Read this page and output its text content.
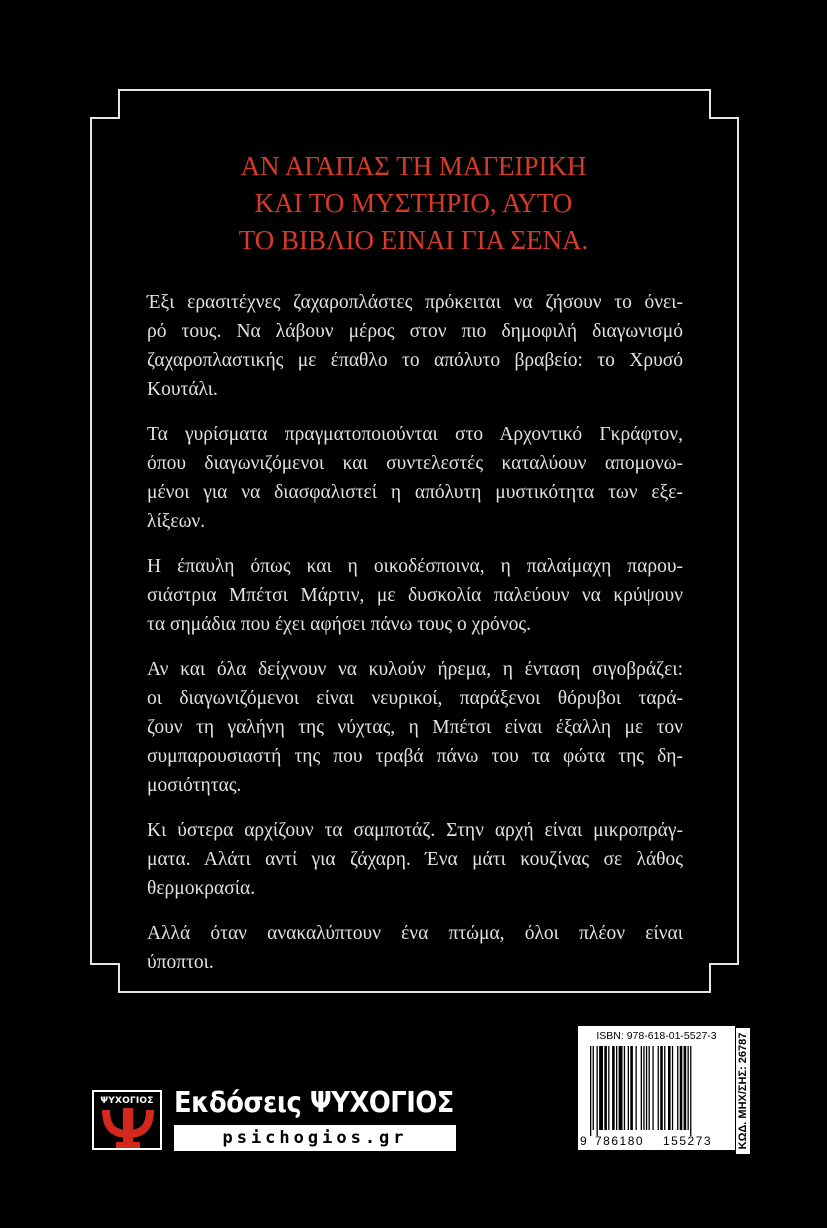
ΑΝ ΑΓΑΠΑΣ ΤΗ ΜΑΓΕΙΡΙΚΗ
ΚΑΙ ΤΟ ΜΥΣΤΗΡΙΟ, ΑΥΤΟ
ΤΟ ΒΙΒΛΙΟ ΕΙΝΑΙ ΓΙΑ ΣΕΝΑ.

Έξι ερασιτέχνες ζαχαροπλάστες πρόκειται να ζήσουν το όνει-
ρό τους. Να λάβουν μέρος στον πιο δημοφιλή διαγωνισμό
ζαχαροπλαστικής με έπαθλο το απόλυτο βραβείο: το Χρυσό
Κουτάλι.

Τα γυρίσματα πραγματοποιούνται στο Αρχοντικό Γκράφτον,
όπου διαγωνιζόμενοι και συντελεστές καταλύουν απομονω-
μένοι για να διασφαλιστεί η απόλυτη μυστικότητα των εξε-
λίξεων.

Η έπαυλη όπως και η οικοδέσποινα, η παλαίμαχη παρου-
σιάστρια Μπέτσι Μάρτιν, με δυσκολία παλεύουν να κρύψουν
τα σημάδια που έχει αφήσει πάνω τους ο χρόνος.

Αν και όλα δείχνουν να κυλούν ήρεμα, η ένταση σιγοβράζει:
οι διαγωνιζόμενοι είναι νευρικοί, παράξενοι θόρυβοι ταρά-
ζουν τη γαλήνη της νύχτας, η Μπέτσι είναι έξαλλη με τον
συμπαρουσιαστή της που τραβά πάνω του τα φώτα της δη-
μοσιότητας.

Κι ύστερα αρχίζουν τα σαμποτάζ. Στην αρχή είναι μικροπράγ-
ματα. Αλάτι αντί για ζάχαρη. Ένα μάτι κουζίνας σε λάθος
θερμοκρασία.

Αλλά όταν ανακαλύπτουν ένα πτώμα, όλοι πλέον είναι
ύποπτοι.

ΨΥΧΟΓΙΟΣ Εκδόσεις ΨΥΧΟΓΙΟΣ
psichogios.gr
ISBN: 978-618-01-5527-3
9 786180 155273 ΚΩΔ. ΜΗΧ/ΣΗΣ: 26787
